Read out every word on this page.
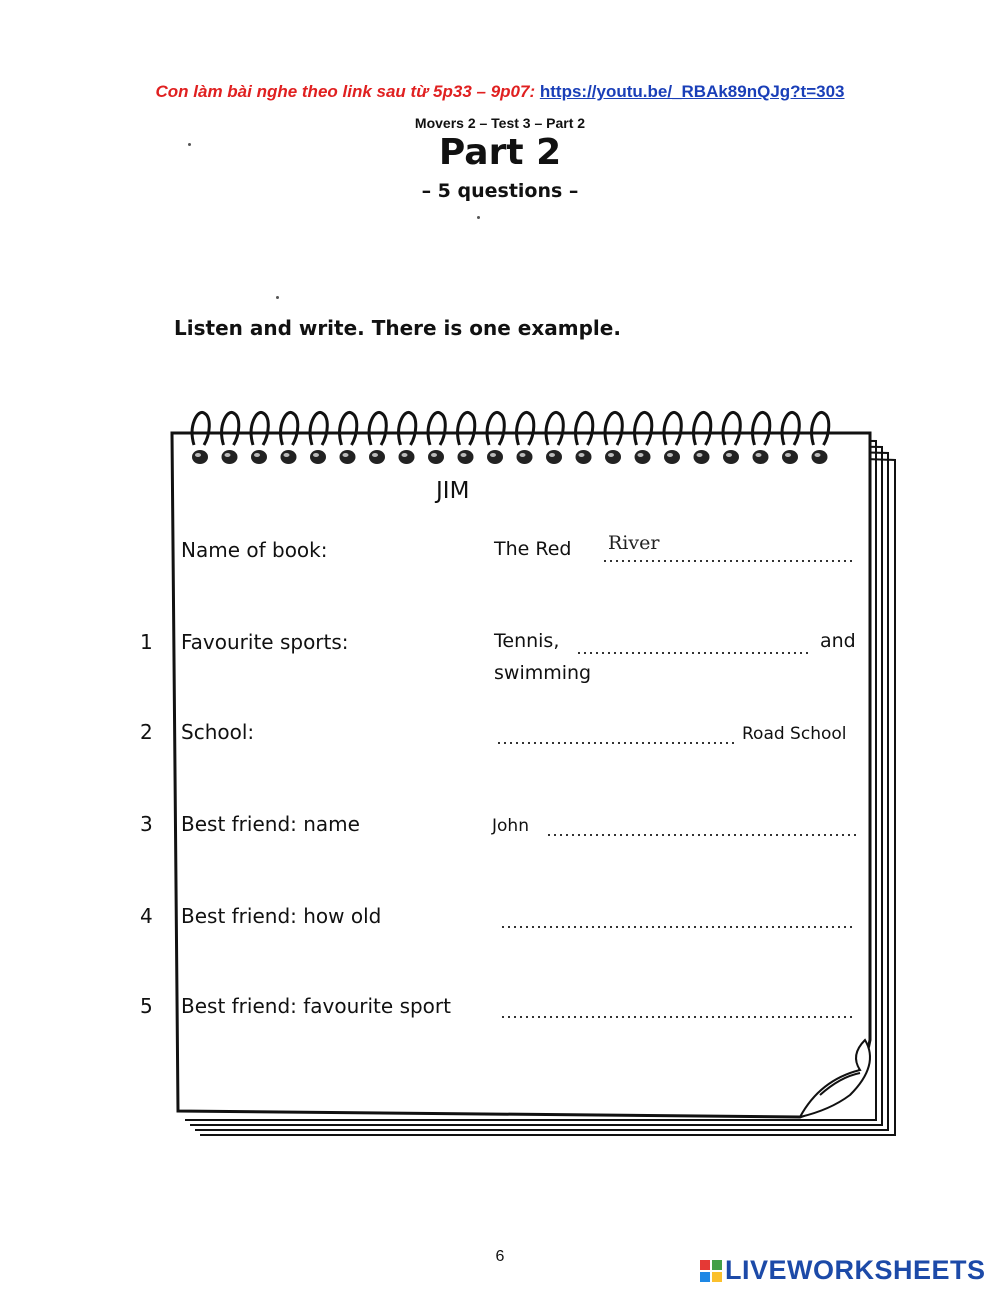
Con làm bài nghe theo link sau từ 5p33 – 9p07: https://youtu.be/_RBAk89nQJg?t=303
Movers 2 – Test 3 – Part 2
Part 2
– 5 questions –
Listen and write. There is one example.
JIM
Name of book:	The Red River
1 Favourite sports:	Tennis,	and
swimming
2 School:	Road School
3 Best friend: name	John
4 Best friend: how old
5 Best friend: favourite sport
6	LIVEWORKSHEETS
